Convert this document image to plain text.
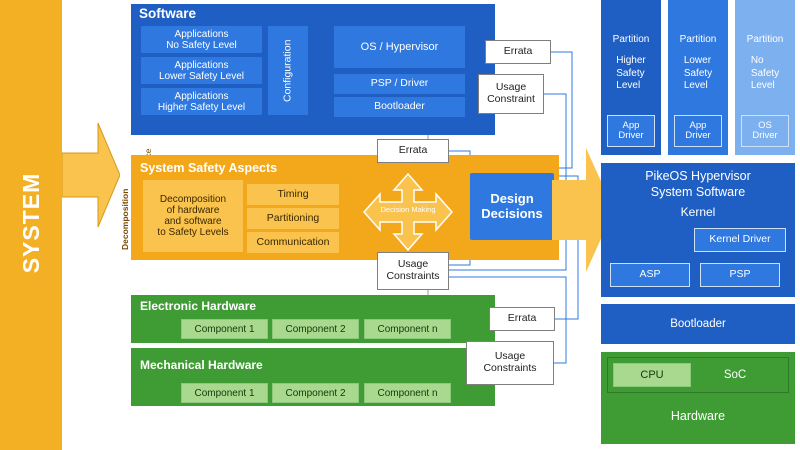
SYSTEM	Decomposition
Software
Applications
No Safety Level
Applications
Lower Safety Level
Applications
Higher Safety Level
Configuration	OS / Hypervisor
PSP / Driver
Bootloader
Errata
Usage
Constraint
System Safety Aspects
Decomposition
of hardware
and software
to Safety Levels
Timing
Partitioning
Communication
Decision Making
Design
Decisions
Errata
Usage
Constraints
Electronic Hardware
Component 1	Component 2	Component n
Mechanical Hardware
Component 1	Component 2	Component n
Errata
Usage
Constraints
Partition
Higher
Safety
Level
App
Driver
Partition
Lower
Safety
Level
App
Driver
Partition
No
Safety
Level
OS
Driver
PikeOS Hypervisor
System Software
Kernel
Kernel Driver
ASP	PSP
Bootloader
CPU	SoC
Hardware
